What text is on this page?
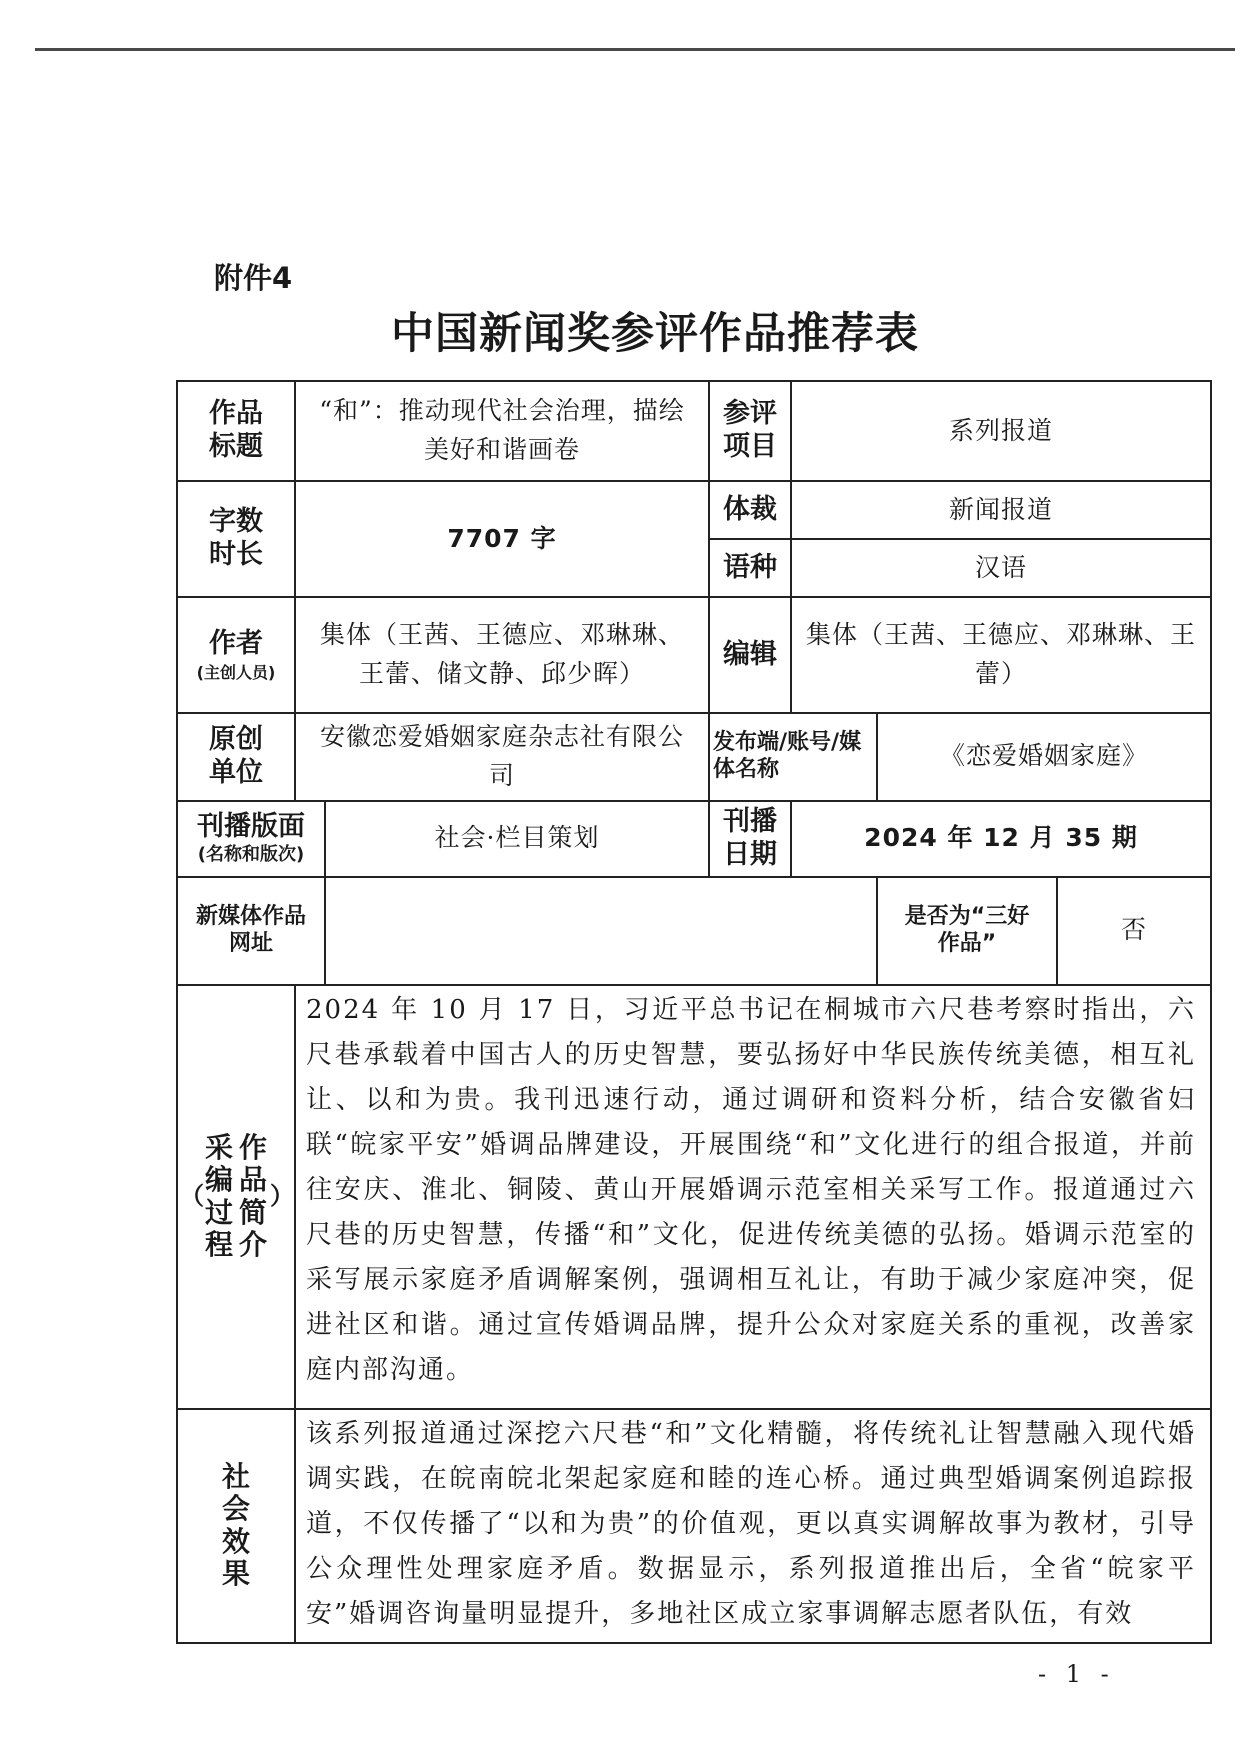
附件4
中国新闻奖参评作品推荐表
作品标题	“和”：推动现代社会治理，描绘美好和谐画卷		参评项目	系列报道		

字数时长	7707 字		体裁	新闻报道		
			语种	汉语		
作者
(主创人员)	集体（王茜、王德应、邓琳琳、王蕾、储文静、邱少晖）		编辑	集体（王茜、王德应、邓琳琳、王蕾）		

原创单位	安徽恋爱婚姻家庭杂志社有限公司		发布端/账号/媒体名称		《恋爱婚姻家庭》	
刊播版面
(名称和版次)		社会·栏目策划	刊播日期	2024 年 12 月 35 期		

新媒体作品网址					是否为“三好作品”	否
（采编过程作品简介）	2024 年 10 月 17 日，习近平总书记在桐城市六尺巷考察时指出，六尺巷承载着中国古人的历史智慧，要弘扬好中华民族传统美德，相互礼让、以和为贵。我刊迅速行动，通过调研和资料分析，结合安徽省妇联“皖家平安”婚调品牌建设，开展围绕“和”文化进行的组合报道，并前往安庆、淮北、铜陵、黄山开展婚调示范室相关采写工作。报道通过六尺巷的历史智慧，传播“和”文化，促进传统美德的弘扬。婚调示范室的采写展示家庭矛盾调解案例，强调相互礼让，有助于减少家庭冲突，促进社区和谐。通过宣传婚调品牌，提升公众对家庭关系的重视，改善家庭内部沟通。					
社会效果	该系列报道通过深挖六尺巷“和”文化精髓，将传统礼让智慧融入现代婚调实践，在皖南皖北架起家庭和睦的连心桥。通过典型婚调案例追踪报道，不仅传播了“以和为贵”的价值观，更以真实调解故事为教材，引导公众理性处理家庭矛盾。数据显示，系列报道推出后，全省“皖家平安”婚调咨询量明显提升，多地社区成立家事调解志愿者队伍，有效					
- 1 -
